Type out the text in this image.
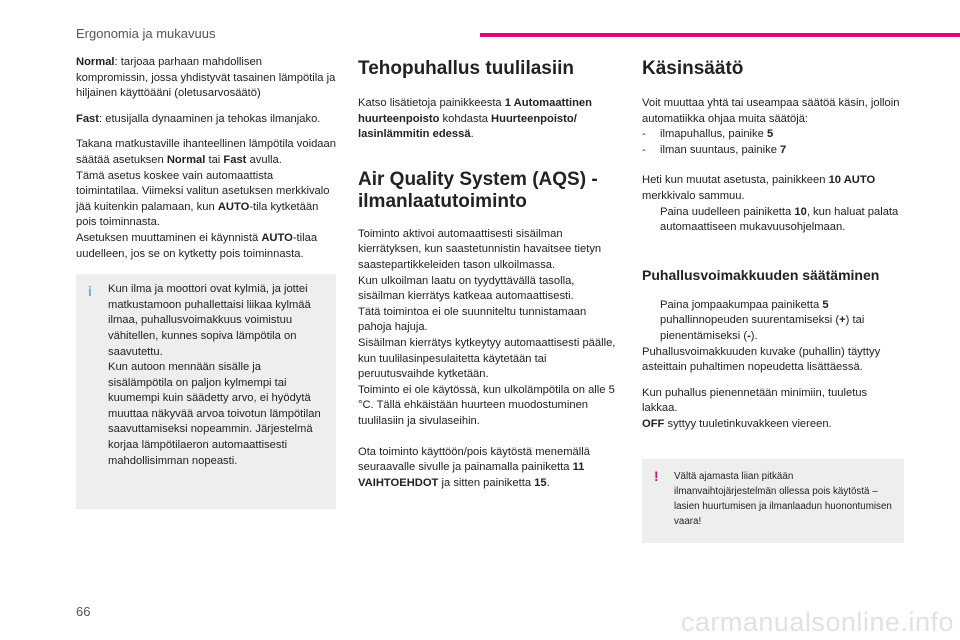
Ergonomia ja mukavuus

Normal: tarjoaa parhaan mahdollisen kompromissin, jossa yhdistyvät tasainen lämpötila ja hiljainen käyttöääni (oletusarvosäätö)

Fast: etusijalla dynaaminen ja tehokas ilmanjako.

Takana matkustaville ihanteellinen lämpötila voidaan säätää asetuksen Normal tai Fast avulla.
Tämä asetus koskee vain automaattista toimintatilaa. Viimeksi valitun asetuksen merkkivalo jää kuitenkin palamaan, kun AUTO-tila kytketään pois toiminnasta.
Asetuksen muuttaminen ei käynnistä AUTO-tilaa uudelleen, jos se on kytketty pois toiminnasta.

i Kun ilma ja moottori ovat kylmiä, ja jottei matkustamoon puhallettaisi liikaa kylmää ilmaa, puhallusvoimakkuus voimistuu vähitellen, kunnes sopiva lämpötila on saavutettu.

Kun autoon mennään sisälle ja sisälämpötila on paljon kylmempi tai kuumempi kuin säädetty arvo, ei hyödytä muuttaa näkyvää arvoa toivotun lämpötilan saavuttamiseksi nopeammin. Järjestelmä korjaa lämpötilaeron automaattisesti mahdollisimman nopeasti.

Tehopuhallus tuulilasiin

Katso lisätietoja painikkeesta 1 Automaattinen huurteenpoisto kohdasta Huurteenpoisto/ lasinlämmitin edessä.

Air Quality System (AQS) -ilmanlaatutoiminto

Toiminto aktivoi automaattisesti sisäilman kierrätyksen, kun saastetunnistin havaitsee tietyn saastepartikkeleiden tason ulkoilmassa.
Kun ulkoilman laatu on tyydyttävällä tasolla, sisäilman kierrätys katkeaa automaattisesti.
Tätä toimintoa ei ole suunniteltu tunnistamaan pahoja hajuja.
Sisäilman kierrätys kytkeytyy automaattisesti päälle, kun tuulilasinpesulaitetta käytetään tai peruutusvaihde kytketään.
Toiminto ei ole käytössä, kun ulkolämpötila on alle 5 °C. Tällä ehkäistään huurteen muodostuminen tuulilasiin ja sivulaseihin.

Ota toiminto käyttöön/pois käytöstä menemällä seuraavalle sivulle ja painamalla painiketta 11 VAIHTOEHDOT ja sitten painiketta 15.

Käsinsäätö

Voit muuttaa yhtä tai useampaa säätöä käsin, jolloin automatiikka ohjaa muita säätöjä:

- ilmapuhallus, painike 5

- ilman suuntaus, painike 7

Heti kun muutat asetusta, painikkeen 10 AUTO merkkivalo sammuu.

Paina uudelleen painiketta 10, kun haluat palata automaattiseen mukavuusohjelmaan.

Puhallusvoimakkuuden säätäminen

Paina jompaakumpaa painiketta 5 puhallinnopeuden suurentamiseksi (+) tai pienentämiseksi (-).

Puhallusvoimakkuuden kuvake (puhallin) täyttyy asteittain puhaltimen nopeudetta lisättäessä.

Kun puhallus pienennetään minimiin, tuuletus lakkaa.
OFF syttyy tuuletinkuvakkeen viereen.

! Vältä ajamasta liian pitkään ilmanvaihtojärjestelmän ollessa pois käytöstä – lasien huurtumisen ja ilmanlaadun huonontumisen vaara!

66	carmanualsonline.info
